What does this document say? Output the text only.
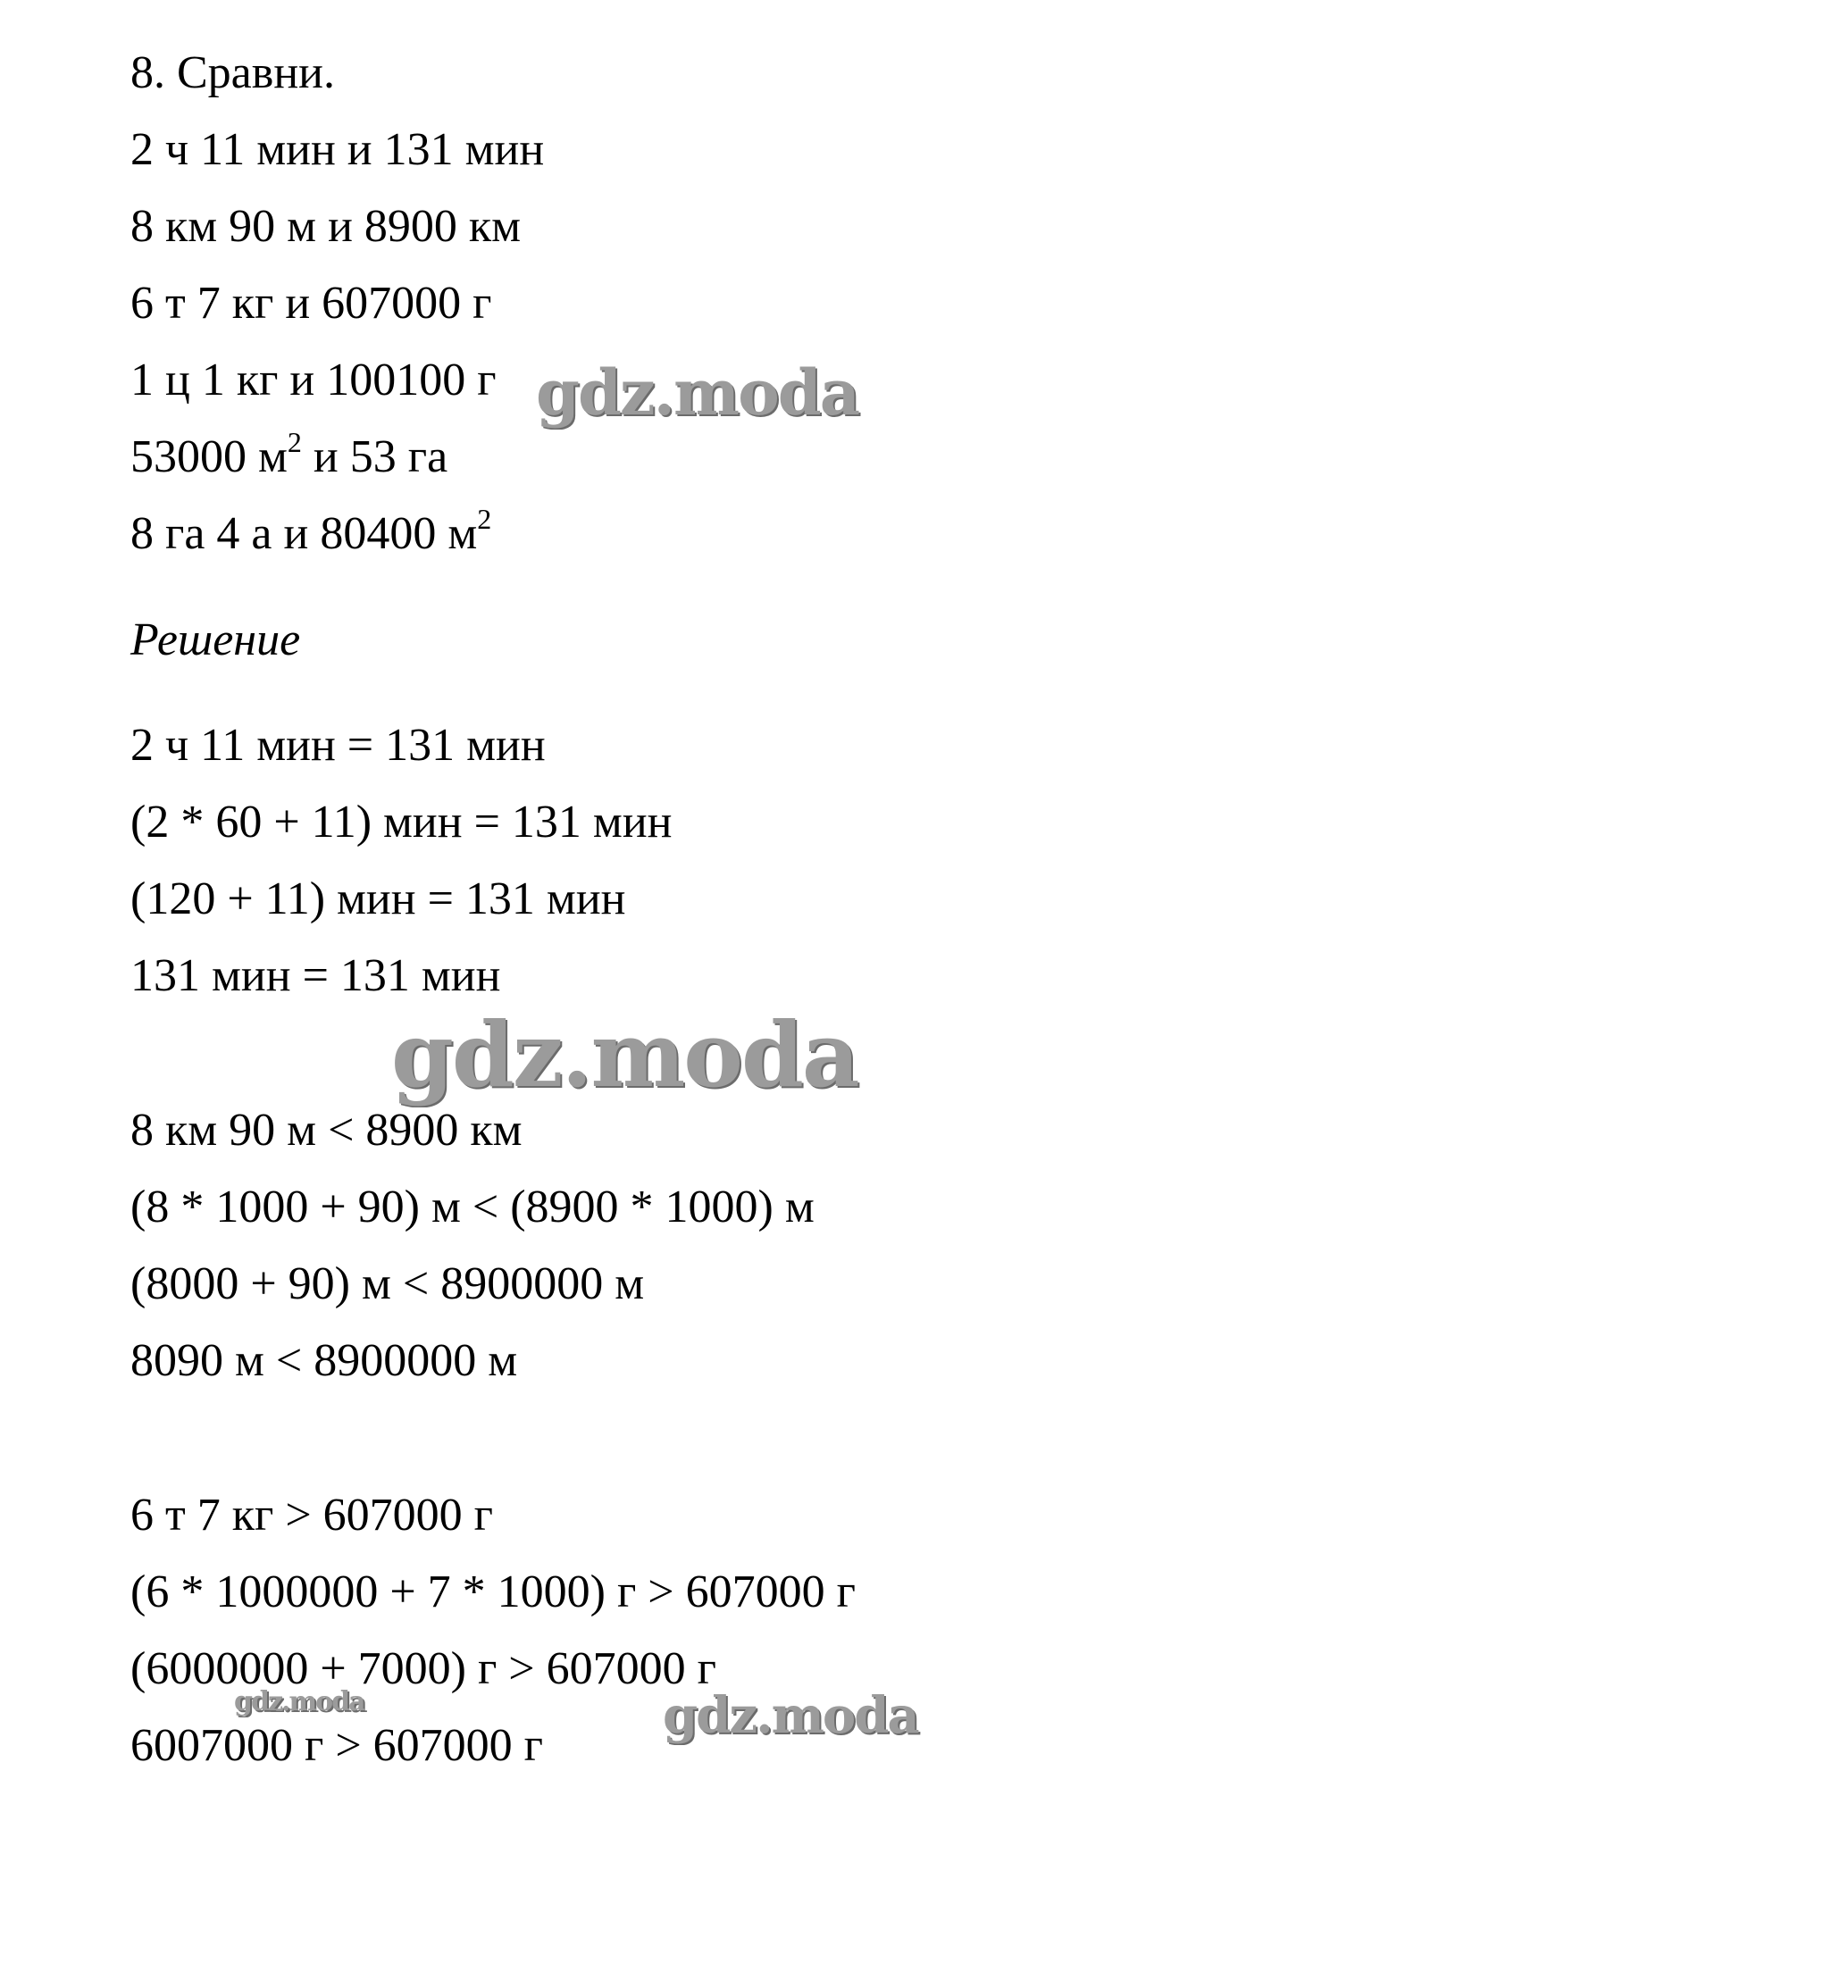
8. Сравни.
2 ч 11 мин и 131 мин
8 км 90 м и 8900 км
6 т 7 кг и 607000 г
1 ц 1 кг и 100100 г
53000 $м^2$ и 53 га
8 га 4 а и 80400 $м^2$
Решение
2 ч 11 мин = 131 мин
(2 * 60 + 11) мин = 131 мин
(120 + 11) мин = 131 мин
131 мин = 131 мин
8 км 90 м < 8900 км
(8 * 1000 + 90) м < (8900 * 1000) м
(8000 + 90) м < 8900000 м
8090 м < 8900000 м
6 т 7 кг > 607000 г
(6 * 1000000 + 7 * 1000) г > 607000 г
(6000000 + 7000) г > 607000 г
6007000 г > 607000 г
gdz.moda
gdz.moda
gdz.moda	gdz.moda
